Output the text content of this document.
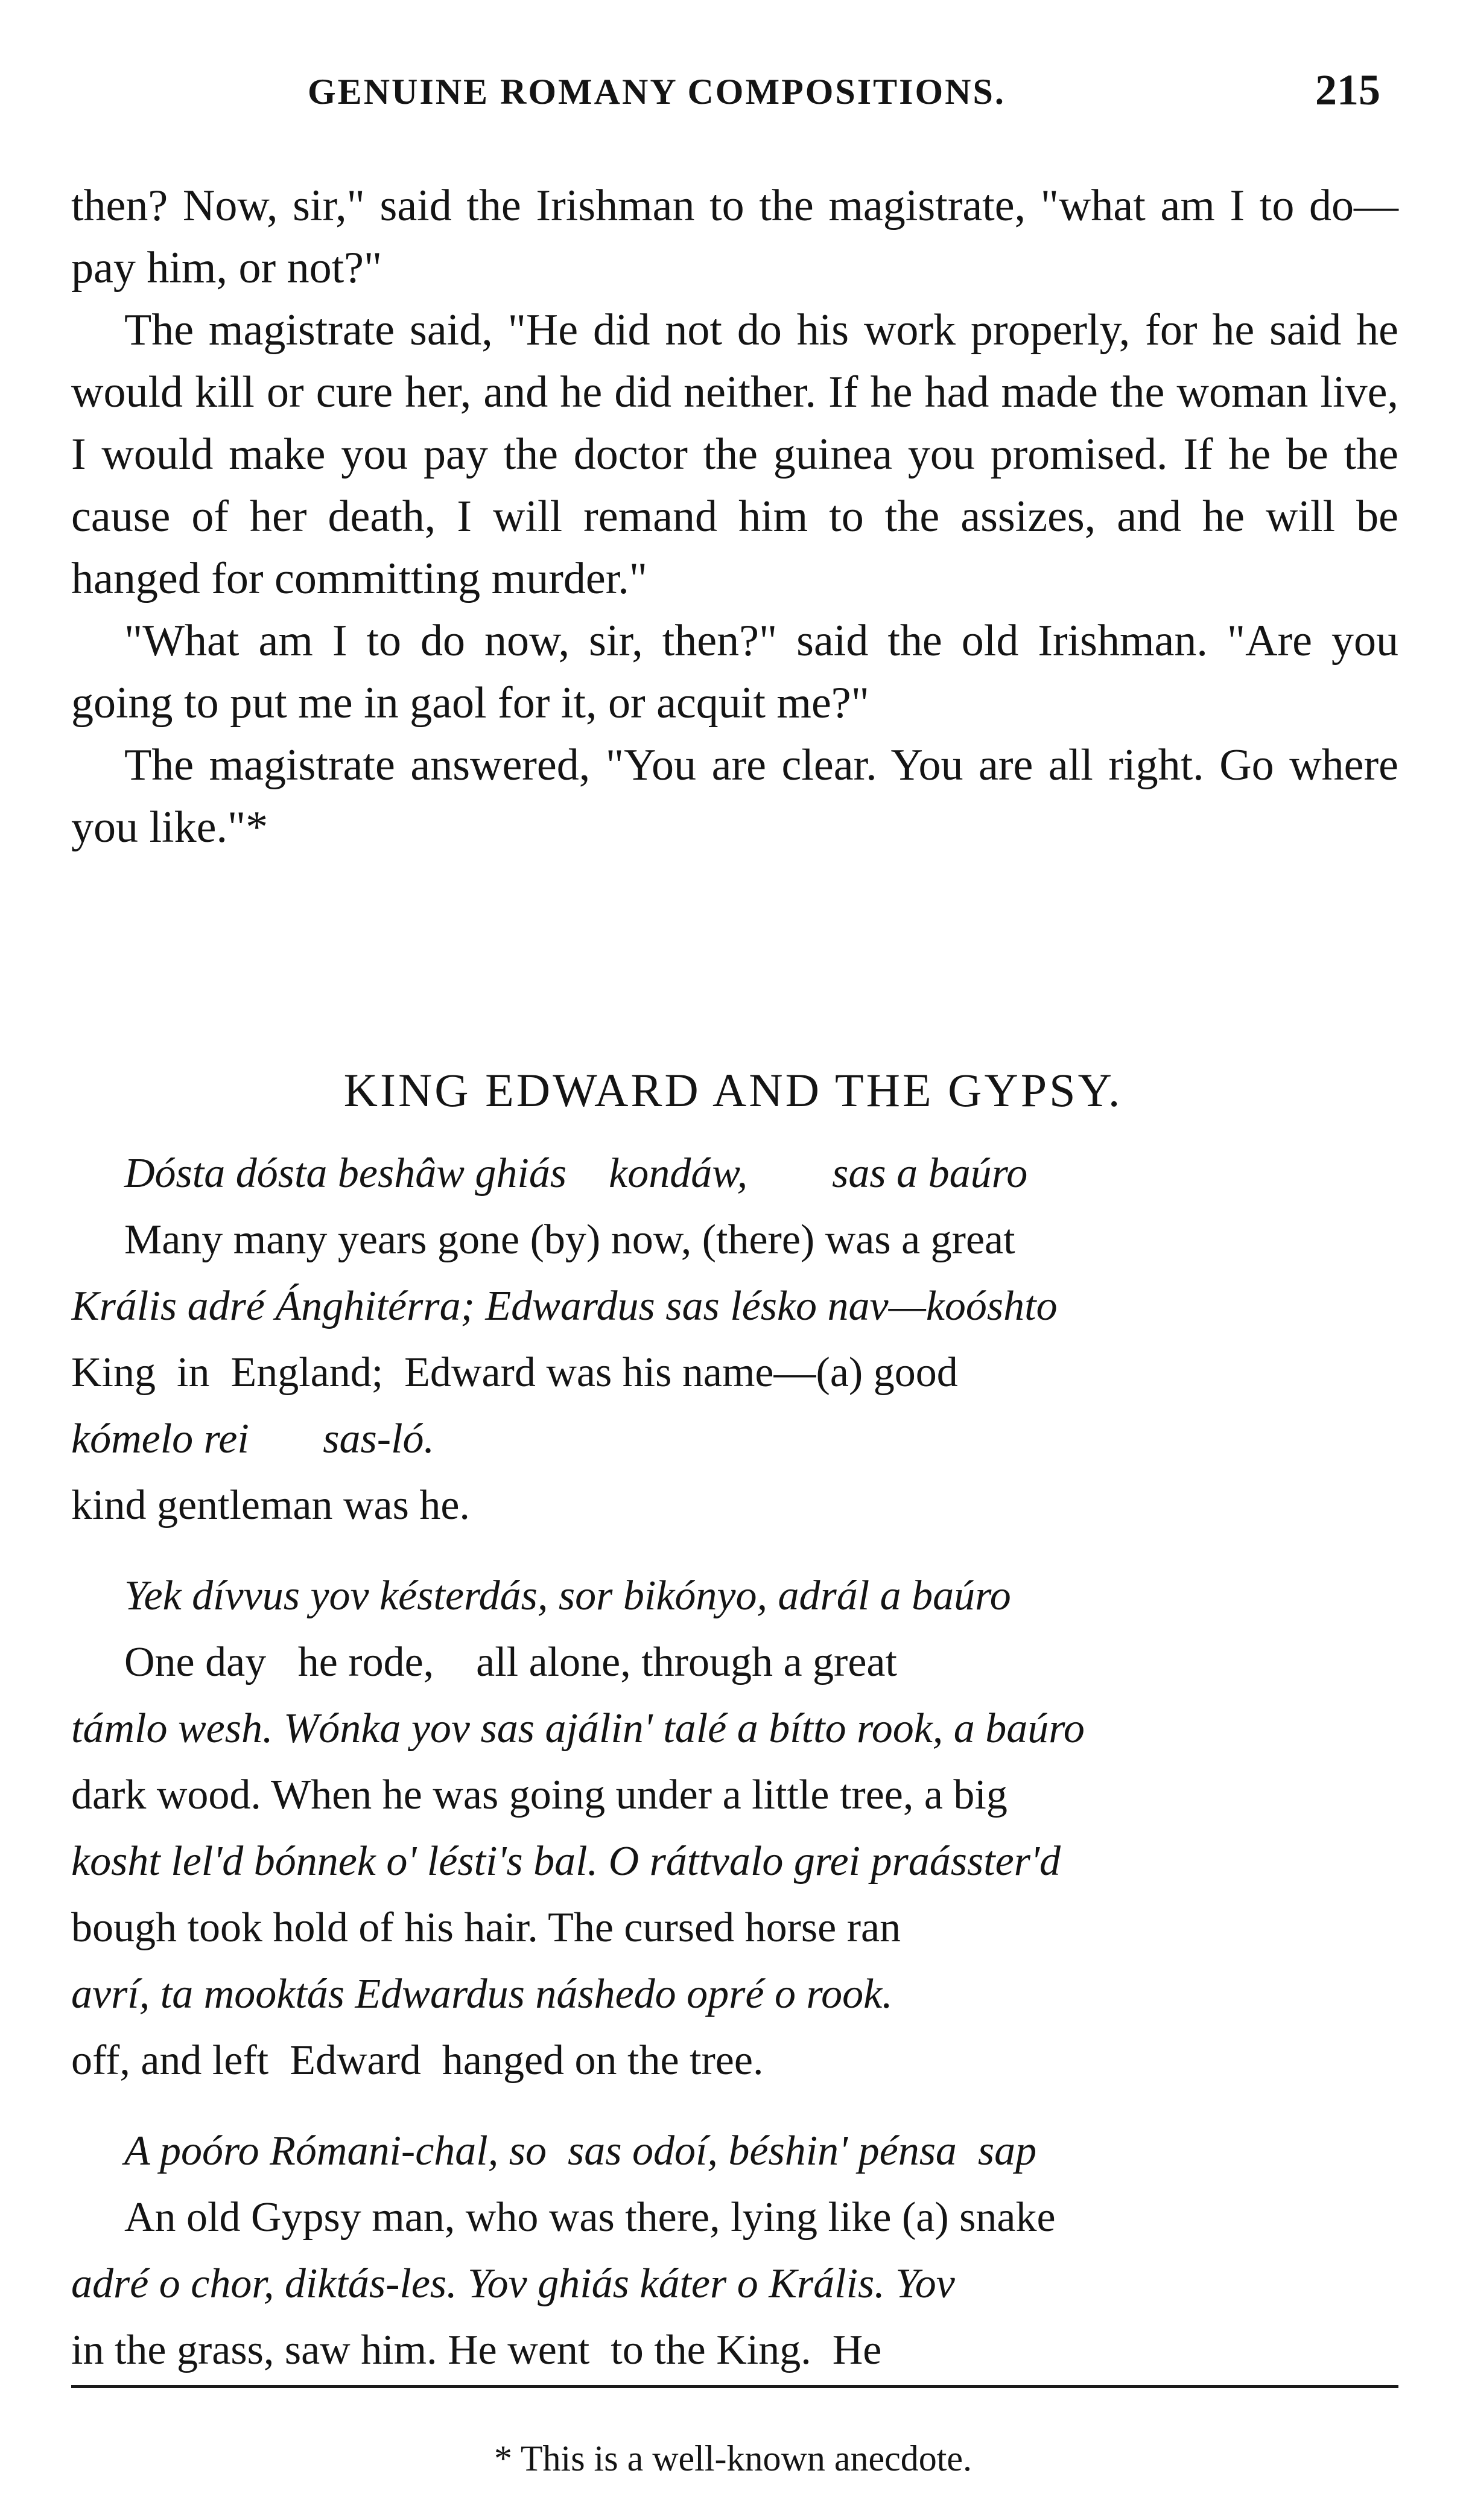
GENUINE ROMANY COMPOSITIONS.	215

then? Now, sir," said the Irishman to the magistrate, "what am I to do—pay him, or not?"

The magistrate said, "He did not do his work properly, for he said he would kill or cure her, and he did neither. If he had made the woman live, I would make you pay the doctor the guinea you promised. If he be the cause of her death, I will remand him to the assizes, and he will be hanged for committing murder."

"What am I to do now, sir, then?" said the old Irishman. "Are you going to put me in gaol for it, or acquit me?"

The magistrate answered, "You are clear. You are all right. Go where you like."*

KING EDWARD AND THE GYPSY.
Dósta dósta beshâw ghiás    kondáw,        sas a baúro
Many many years gone (by) now, (there) was a great
Krális adré Ánghitérra; Edwardus sas lésko nav—koóshto
King  in  England;  Edward was his name—(a) good
kómelo rei       sas-ló.
kind gentleman was he.
Yek dívvus yov késterdás, sor bikónyo, adrál a baúro
One day   he rode,    all alone, through a great
támlo wesh. Wónka yov sas ajálin' talé a bítto rook, a baúro
dark wood. When he was going under a little tree, a big
kosht lel'd bónnek o' lésti's bal. O ráttvalo grei praásster'd
bough took hold of his hair. The cursed horse ran
avrí, ta mooktás Edwardus náshedo opré o rook.
off, and left  Edward  hanged on the tree.
A poóro Rómani-chal, so  sas odoí, béshin' pénsa  sap
An old Gypsy man, who was there, lying like (a) snake
adré o chor, diktás-les. Yov ghiás káter o Krális. Yov
in the grass, saw him. He went  to the King.  He
* This is a well-known anecdote.
